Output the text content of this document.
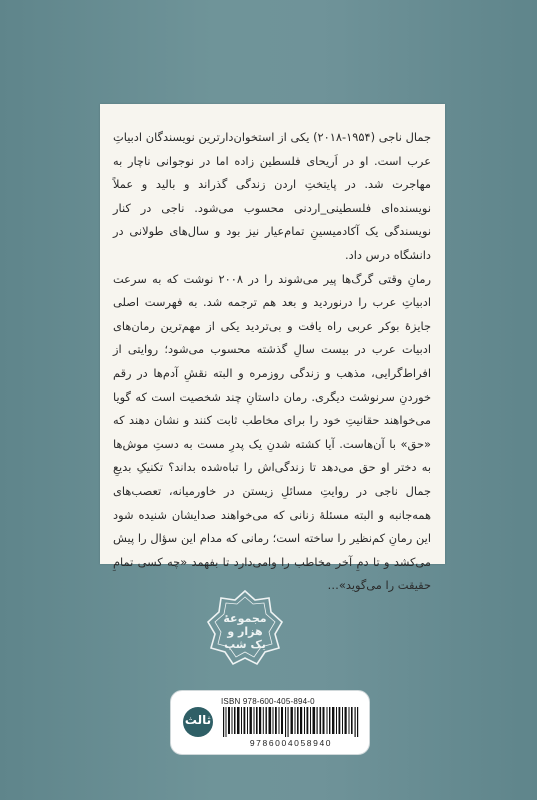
جمال ناجی (۱۹۵۴-۲۰۱۸) یکی از استخوان‌دارترین نویسندگان ادبیاتِ عرب است. او در اَریحای فلسطین زاده اما در نوجوانی ناچار به مهاجرت شد. در پایتختِ اردن زندگی گذراند و بالید و عملاً نویسنده‌ای فلسطینی_اردنی محسوب می‌شود. ناجی در کنار نویسندگی یک آکادمیسینِ تمام‌عیار نیز بود و سال‌های طولانی در دانشگاه درس داد.

رمانِ وقتی گرگ‌ها پیر می‌شوند را در ۲۰۰۸ نوشت که به سرعت ادبیاتِ عرب را درنوردید و بعد هم ترجمه شد. به فهرست اصلی جایزهٔ بوکر عربی راه یافت و بی‌تردید یکی از مهم‌ترین رمان‌های ادبیات عرب در بیست سالِ گذشته محسوب می‌شود؛ روایتی از افراط‌گرایی، مذهب و زندگی روزمره و البته نقشِ آدم‌ها در رقم خوردنِ سرنوشت دیگری. رمان داستانِ چند شخصیت است که گویا می‌خواهند حقانیتِ خود را برای مخاطب ثابت کنند و نشان دهند که «حق» با آن‌هاست. آیا کشته شدنِ یک پدرِ مست به دستِ موش‌ها به دختر او حق می‌دهد تا زندگی‌اش را تباه‌شده بداند؟ تکنیکِ بدیعِ جمال ناجی در روایتِ مسائلِ زیستن در خاورمیانه، تعصب‌های همه‌جانبه و البته مسئلهٔ زنانی که می‌خواهند صدایشان شنیده شود این رمانِ کم‌نظیر را ساخته است؛ رمانی که مدام این سؤال را پیش می‌کشد و تا دمِ آخر مخاطب را وامی‌دارد تا بفهمد «چه کسی تمامِ حقیقت را می‌گوید»…

مجموعهٔ
هزار و
یک شب
ثالث
ISBN 978-600-405-894-0
9786004058940
